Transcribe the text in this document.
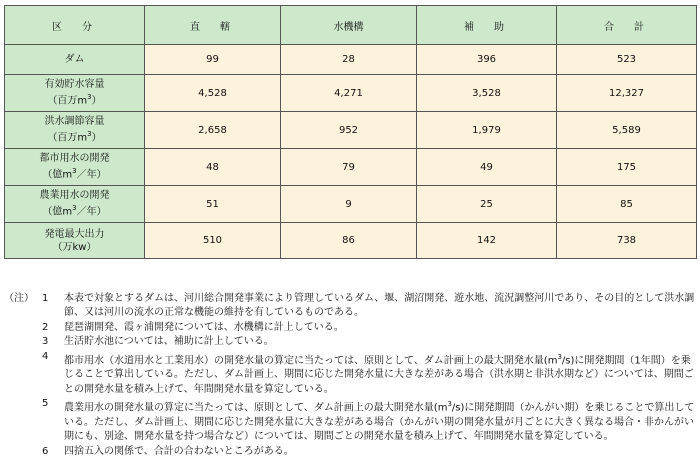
区　分	直　轄	水機構	補　助	合　計

ダム	99	28	396	523

有効貯水容量
（百万$m^3$）	4,528	4,271	3,528	12,327

洪水調節容量
（百万$m^3$）	2,658	952	1,979	5,589

都市用水の開発
（億$m^3/$年）	48	79	49	175

農業用水の開発
（億$m^3/$年）	51	9	25	85

発電最大出力
（万kw）	510	86	142	738
（注） 1	本表で対象とするダムは、河川総合開発事業により管理しているダム、堰、湖沼開発、遊水地、流況調整河川であり、その目的として洪水調節、又は河川の流水の正常な機能の維持を有しているものである。
2	琵琶湖開発、霞ヶ浦開発については、水機構に計上している。
3	生活貯水池については、補助に計上している。
4	都市用水（水道用水と工業用水）の開発水量の算定に当たっては、原則として、ダム計画上の最大開発水量$(m^3/s)$に開発期間（1年間）を乗じることで算出している。ただし、ダム計画上、期間に応じた開発水量に大きな差がある場合（洪水期と非洪水期など）については、期間ごとの開発水量を積み上げて、年間開発水量を算定している。
5	農業用水の開発水量の算定に当たっては、原則として、ダム計画上の最大開発水量$(m^3/s)$に開発期間（かんがい期）を乗じることで算出している。ただし、ダム計画上、期間に応じた開発水量に大きな差がある場合（かんがい期の開発水量が月ごとに大きく異なる場合・非かんがい期にも、別途、開発水量を持つ場合など）については、期間ごとの開発水量を積み上げて、年間開発水量を算定している。
6	四捨五入の関係で、合計の合わないところがある。
